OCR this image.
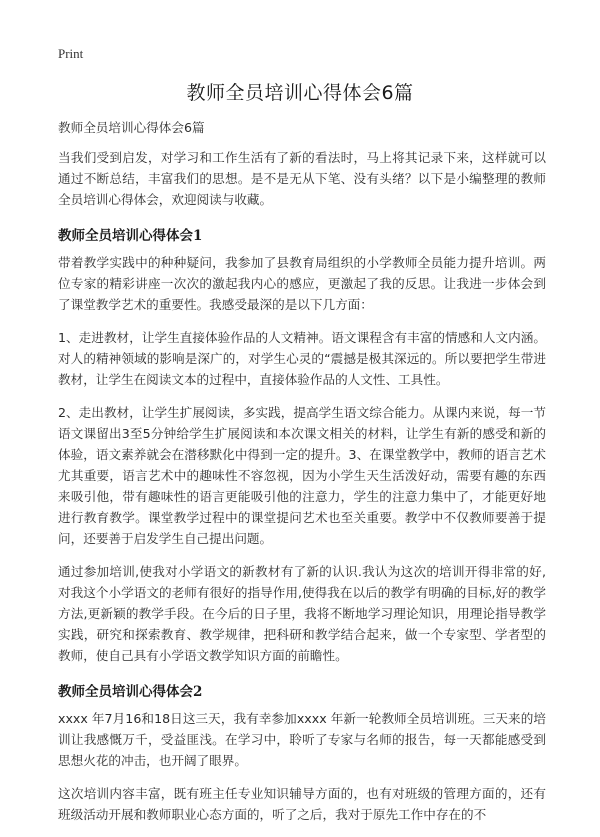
Print
教师全员培训心得体会6篇

教师全员培训心得体会6篇

当我们受到启发，对学习和工作生活有了新的看法时，马上将其记录下来，这样就可以通过不断总结，丰富我们的思想。是不是无从下笔、没有头绪？以下是小编整理的教师全员培训心得体会，欢迎阅读与收藏。

教师全员培训心得体会1

带着教学实践中的种种疑问，我参加了县教育局组织的小学教师全员能力提升培训。两位专家的精彩讲座一次次的激起我内心的感应，更激起了我的反思。让我进一步体会到了课堂教学艺术的重要性。我感受最深的是以下几方面：

1、走进教材，让学生直接体验作品的人文精神。语文课程含有丰富的情感和人文内涵。对人的精神领域的影响是深广的，对学生心灵的“震撼是极其深远的。所以要把学生带进教材，让学生在阅读文本的过程中，直接体验作品的人文性、工具性。

2、走出教材，让学生扩展阅读，多实践，提高学生语文综合能力。从课内来说，每一节语文课留出3至5分钟给学生扩展阅读和本次课文相关的材料，让学生有新的感受和新的体验，语文素养就会在潜移默化中得到一定的提升。3、在课堂教学中，教师的语言艺术尤其重要，语言艺术中的趣味性不容忽视，因为小学生天生活泼好动，需要有趣的东西来吸引他，带有趣味性的语言更能吸引他的注意力，学生的注意力集中了，才能更好地进行教育教学。课堂教学过程中的课堂提问艺术也至关重要。教学中不仅教师要善于提问，还要善于启发学生自己提出问题。

通过参加培训,使我对小学语文的新教材有了新的认识.我认为这次的培训开得非常的好,对我这个小学语文的老师有很好的指导作用,使得我在以后的教学有明确的目标,好的教学方法,更新颖的教学手段。在今后的日子里，我将不断地学习理论知识，用理论指导教学实践，研究和探索教育、教学规律，把科研和教学结合起来，做一个专家型、学者型的教师，使自己具有小学语文教学知识方面的前瞻性。

教师全员培训心得体会2

xxxx 年7月16和18日这三天，我有幸参加xxxx 年新一轮教师全员培训班。三天来的培训让我感慨万千，受益匪浅。在学习中，聆听了专家与名师的报告，每一天都能感受到思想火花的冲击，也开阔了眼界。

这次培训内容丰富，既有班主任专业知识辅导方面的，也有对班级的管理方面的，还有班级活动开展和教师职业心态方面的，听了之后，我对于原先工作中存在的不
